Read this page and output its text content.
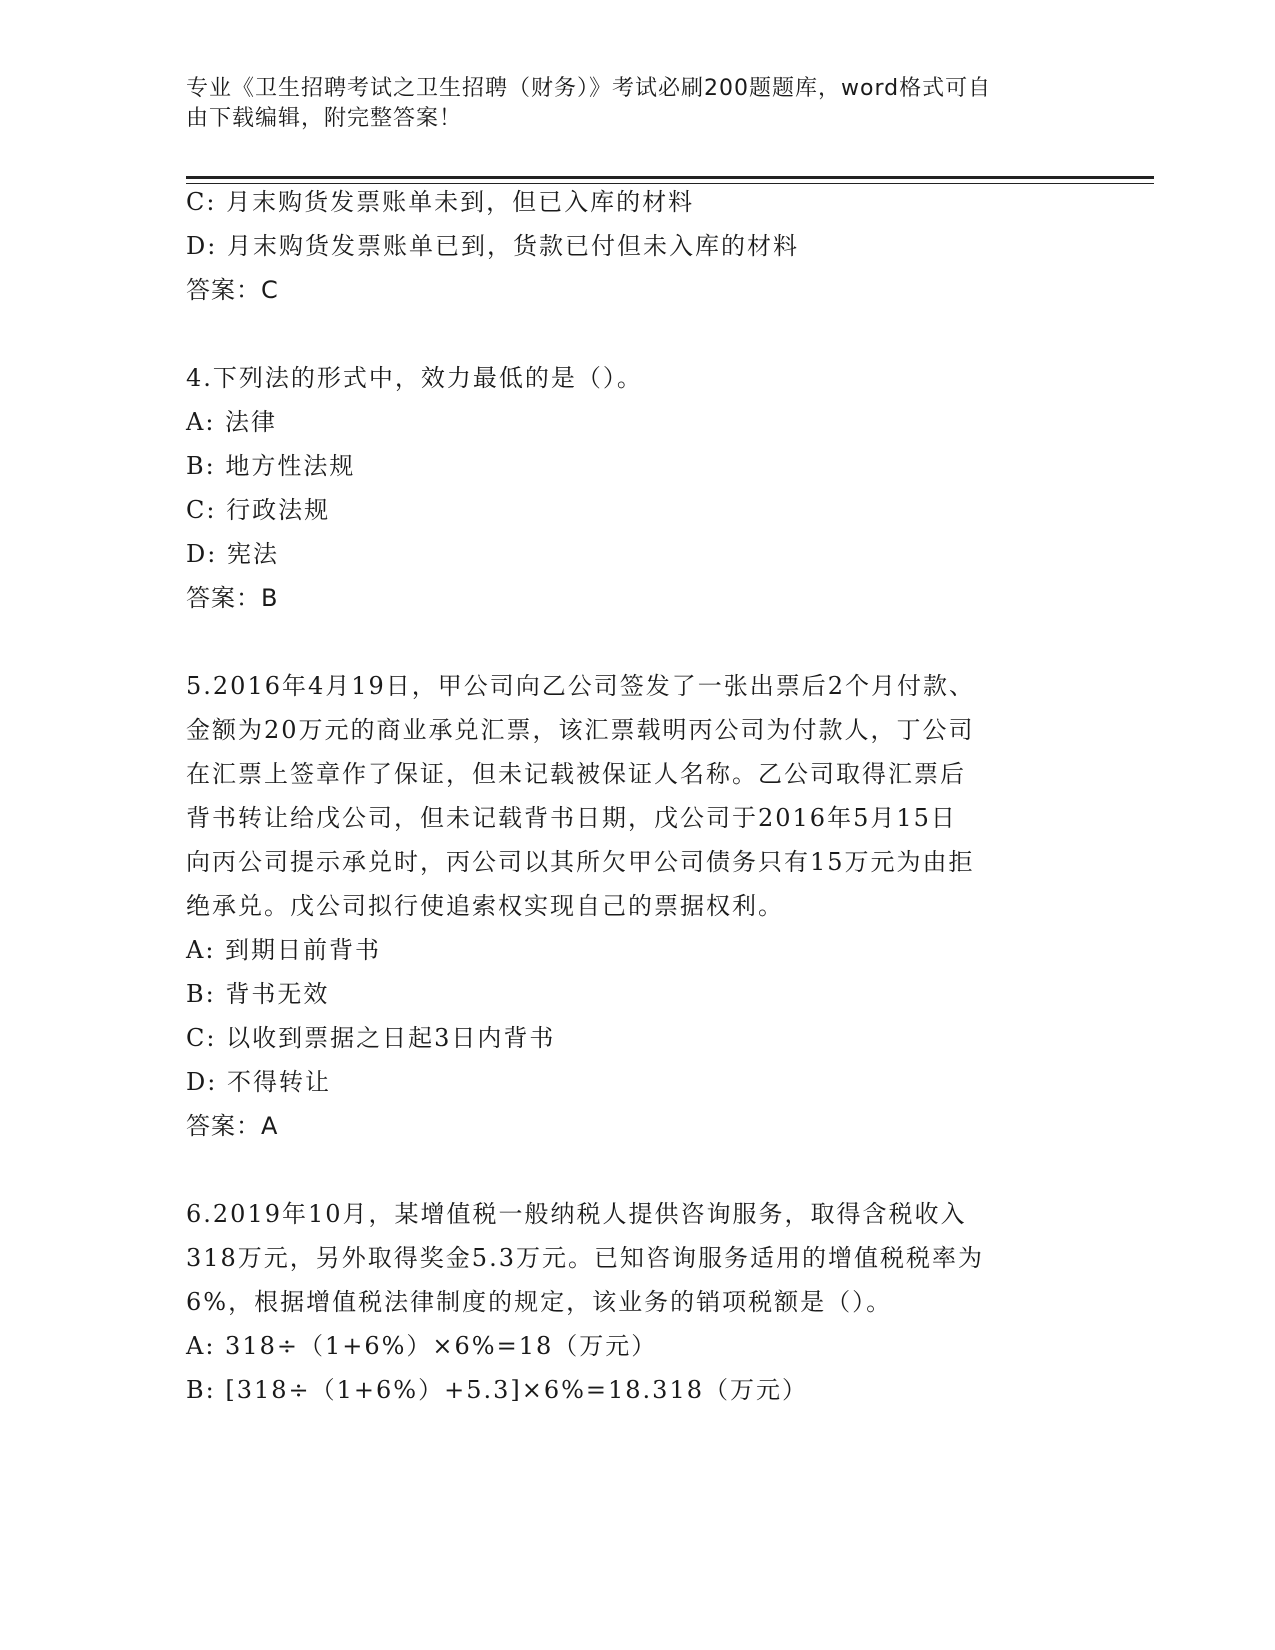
专业《卫生招聘考试之卫生招聘（财务）》考试必刷200题题库，word格式可自
由下载编辑，附完整答案！
C: 月末购货发票账单未到，但已入库的材料
D: 月末购货发票账单已到，货款已付但未入库的材料
答案：C
4.下列法的形式中，效力最低的是（）。
A: 法律
B: 地方性法规
C: 行政法规
D: 宪法
答案：B
5.2016年4月19日，甲公司向乙公司签发了一张出票后2个月付款、
金额为20万元的商业承兑汇票，该汇票载明丙公司为付款人，丁公司
在汇票上签章作了保证，但未记载被保证人名称。乙公司取得汇票后
背书转让给戊公司，但未记载背书日期，戊公司于2016年5月15日
向丙公司提示承兑时，丙公司以其所欠甲公司债务只有15万元为由拒
绝承兑。戊公司拟行使追索权实现自己的票据权利。
A: 到期日前背书
B: 背书无效
C: 以收到票据之日起3日内背书
D: 不得转让
答案：A
6.2019年10月，某增值税一般纳税人提供咨询服务，取得含税收入
318万元，另外取得奖金5.3万元。已知咨询服务适用的增值税税率为
6%，根据增值税法律制度的规定，该业务的销项税额是（）。
A: 318÷（1+6%）×6%=18（万元）
B: [318÷（1+6%）+5.3]×6%=18.318（万元）
